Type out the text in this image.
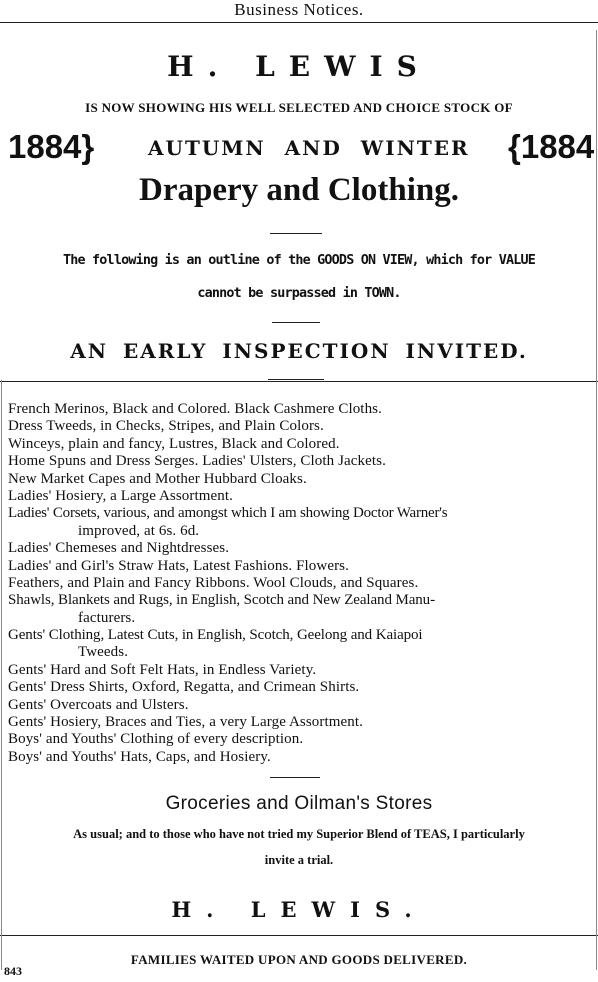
Business Notices.
H. LEWIS
IS NOW SHOWING HIS WELL SELECTED AND CHOICE STOCK OF
1884}	AUTUMN AND WINTER {1884
Drapery and Clothing.
The following is an outline of the GOODS ON VIEW, which for VALUE
cannot be surpassed in TOWN.
AN EARLY INSPECTION INVITED.
French Merinos, Black and Colored. Black Cashmere Cloths.
Dress Tweeds, in Checks, Stripes, and Plain Colors.
Winceys, plain and fancy, Lustres, Black and Colored.
Home Spuns and Dress Serges. Ladies' Ulsters, Cloth Jackets.
New Market Capes and Mother Hubbard Cloaks.
Ladies' Hosiery, a Large Assortment.
Ladies' Corsets, various, and amongst which I am showing Doctor Warner's
improved, at 6s. 6d.
Ladies' Chemeses and Nightdresses.
Ladies' and Girl's Straw Hats, Latest Fashions. Flowers.
Feathers, and Plain and Fancy Ribbons. Wool Clouds, and Squares.
Shawls, Blankets and Rugs, in English, Scotch and New Zealand Manu-
facturers.
Gents' Clothing, Latest Cuts, in English, Scotch, Geelong and Kaiapoi
Tweeds.
Gents' Hard and Soft Felt Hats, in Endless Variety.
Gents' Dress Shirts, Oxford, Regatta, and Crimean Shirts.
Gents' Overcoats and Ulsters.
Gents' Hosiery, Braces and Ties, a very Large Assortment.
Boys' and Youths' Clothing of every description.
Boys' and Youths' Hats, Caps, and Hosiery.
Groceries and Oilman's Stores
As usual; and to those who have not tried my Superior Blend of TEAS, I particularly
invite a trial.
H. LEWIS.
FAMILIES WAITED UPON AND GOODS DELIVERED.
843
